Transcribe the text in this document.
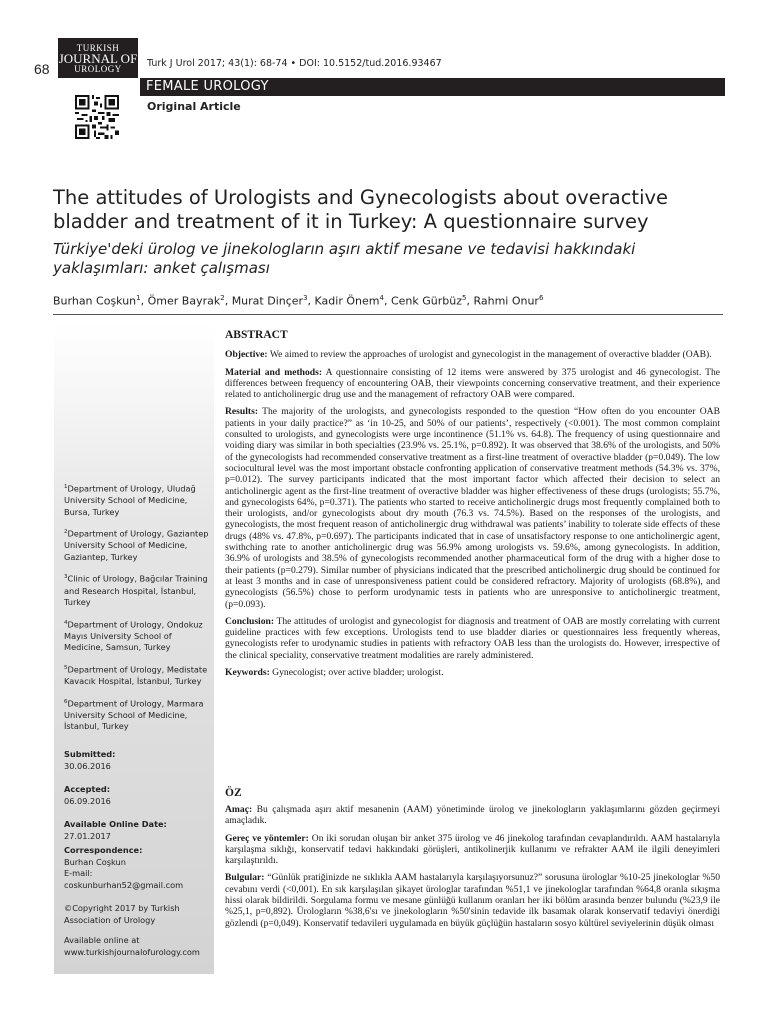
68
TURKISH
JOURNAL OF
UROLOGY	Turk J Urol 2017; 43(1): 68-74 • DOI: 10.5152/tud.2016.93467
FEMALE UROLOGY
Original Article
The attitudes of Urologists and Gynecologists about overactive bladder and treatment of it in Turkey: A questionnaire survey
Türkiye'deki ürolog ve jinekologların aşırı aktif mesane ve tedavisi hakkındaki yaklaşımları: anket çalışması
Burhan Coşkun$^1$, Ömer Bayrak$^2$, Murat Dinçer$^3$, Kadir Önem$^4$, Cenk Gürbüz$^5$, Rahmi Onur$^6$
$^1$Department of Urology, Uludağ University School of Medicine, Bursa, Turkey
$^2$Department of Urology, Gaziantep University School of Medicine, Gaziantep, Turkey
$^3$Clinic of Urology, Bağcılar Training and Research Hospital, İstanbul, Turkey
$^4$Department of Urology, Ondokuz Mayıs University School of Medicine, Samsun, Turkey
$^5$Department of Urology, Medistate Kavacık Hospital, İstanbul, Turkey
$^6$Department of Urology, Marmara University School of Medicine, İstanbul, Turkey
Submitted:
30.06.2016
Accepted:
06.09.2016
Available Online Date:
27.01.2017
Correspondence:
Burhan Coşkun
E-mail:
coskunburhan52@gmail.com
©Copyright 2017 by Turkish Association of Urology
Available online at www.turkishjournalofurology.com
ABSTRACT

Objective: We aimed to review the approaches of urologist and gynecologist in the management of overactive bladder (OAB).

Material and methods: A questionnaire consisting of 12 items were answered by 375 urologist and 46 gynecologist. The differences between frequency of encountering OAB, their viewpoints concerning conservative treatment, and their experience related to anticholinergic drug use and the management of refractory OAB were compared.

Results: The majority of the urologists, and gynecologists responded to the question “How often do you encounter OAB patients in your daily practice?” as ‘in 10-25, and 50% of our patients’, respectively (<0.001). The most common complaint consulted to urologists, and gynecologists were urge incontinence (51.1% vs. 64.8). The frequency of using questionnaire and voiding diary was similar in both specialties (23.9% vs. 25.1%, p=0.892). It was observed that 38.6% of the urologists, and 50% of the gynecologists had recommended conservative treatment as a first-line treatment of overactive bladder (p=0.049). The low sociocultural level was the most important obstacle confronting application of conservative treatment methods (54.3% vs. 37%, p=0.012). The survey participants indicated that the most important factor which affected their decision to select an anticholinergic agent as the first-line treatment of overactive bladder was higher effectiveness of these drugs (urologists; 55.7%, and gynecologists 64%, p=0.371). The patients who started to receive anticholinergic drugs most frequently complained both to their urologists, and/or gynecologists about dry mouth (76.3 vs. 74.5%). Based on the responses of the urologists, and gynecologists, the most frequent reason of anticholinergic drug withdrawal was patients’ inability to tolerate side effects of these drugs (48% vs. 47.8%, p=0.697). The participants indicated that in case of unsatisfactory response to one anticholinergic agent, swithching rate to another anticholinergic drug was 56.9% among urologists vs. 59.6%, among gynecologists. In addition, 36.9% of urologists and 38.5% of gynecologists recommended another pharmaceutical form of the drug with a higher dose to their patients (p=0.279). Similar number of physicians indicated that the prescribed anticholinergic drug should be continued for at least 3 months and in case of unresponsiveness patient could be considered refractory. Majority of urologists (68.8%), and gynecologists (56.5%) chose to perform urodynamic tests in patients who are unresponsive to anticholinergic treatment, (p=0.093).

Conclusion: The attitudes of urologist and gynecologist for diagnosis and treatment of OAB are mostly correlating with current guideline practices with few exceptions. Urologists tend to use bladder diaries or questionnaires less frequently whereas, gynecologists refer to urodynamic studies in patients with refractory OAB less than the urologists do. However, irrespective of the clinical speciality, conservative treatment modalities are rarely administered.

Keywords: Gynecologist; over active bladder; urologist.

ÖZ

Amaç: Bu çalışmada aşırı aktif mesanenin (AAM) yönetiminde ürolog ve jinekologların yaklaşımlarını gözden geçirmeyi amaçladık.

Gereç ve yöntemler: On iki sorudan oluşan bir anket 375 ürolog ve 46 jinekolog tarafından cevaplandırıldı. AAM hastalarıyla karşılaşma sıklığı, konservatif tedavi hakkındaki görüşleri, antikolinerjik kullanımı ve refrakter AAM ile ilgili deneyimleri karşılaştırıldı.

Bulgular: “Günlük pratiğinizde ne sıklıkla AAM hastalarıyla karşılaşıyorsunuz?” sorusuna ürologlar %10-25 jinekologlar %50 cevabını verdi (<0,001). En sık karşılaşılan şikayet ürologlar tarafından %51,1 ve jinekologlar tarafından %64,8 oranla sıkışma hissi olarak bildirildi. Sorgulama formu ve mesane günlüğü kullanım oranları her iki bölüm arasında benzer bulundu (%23,9 ile %25,1, p=0,892). Ürologların %38,6'sı ve jinekologların %50'sinin tedavide ilk basamak olarak konservatif tedaviyi önerdiği gözlendi (p=0,049). Konservatif tedavileri uygulamada en büyük güçlüğün hastaların sosyo kültürel seviyelerinin düşük olması
